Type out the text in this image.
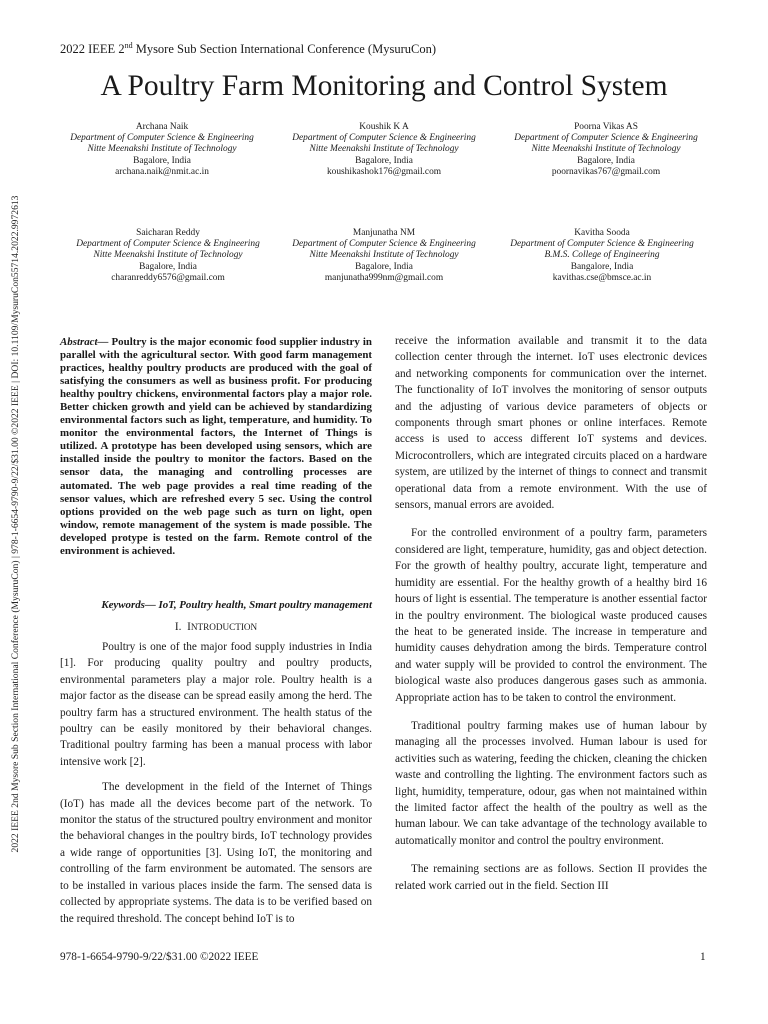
2022 IEEE 2nd Mysore Sub Section International Conference (MysuruCon)
A Poultry Farm Monitoring and Control System
Archana Naik
Department of Computer Science & Engineering
Nitte Meenakshi Institute of Technology
Bagalore, India
archana.naik@nmit.ac.in
Koushik K A
Department of Computer Science & Engineering
Nitte Meenakshi Institute of Technology
Bagalore, India
koushikashok176@gmail.com
Poorna Vikas AS
Department of Computer Science & Engineering
Nitte Meenakshi Institute of Technology
Bagalore, India
poornavikas767@gmail.com
Saicharan Reddy
Department of Computer Science & Engineering
Nitte Meenakshi Institute of Technology
Bagalore, India
charanreddy6576@gmail.com
Manjunatha NM
Department of Computer Science & Engineering
Nitte Meenakshi Institute of Technology
Bagalore, India
manjunatha999nm@gmail.com
Kavitha Sooda
Department of Computer Science & Engineering
B.M.S. College of Engineering
Bangalore, India
kavithas.cse@bmsce.ac.in
2022 IEEE 2nd Mysore Sub Section International Conference (MysuruCon) | 978-1-6654-9790-9/22/$31.00 ©2022 IEEE | DOI: 10.1109/MysuruCon55714.2022.9972613	Abstract— Poultry is the major economic food supplier industry in parallel with the agricultural sector. With good farm management practices, healthy poultry products are produced with the goal of satisfying the consumers as well as business profit. For producing healthy poultry chickens, environmental factors play a major role. Better chicken growth and yield can be achieved by standardizing environmental factors such as light, temperature, and humidity. To monitor the environmental factors, the Internet of Things is utilized. A prototype has been developed using sensors, which are installed inside the poultry to monitor the factors. Based on the sensor data, the managing and controlling processes are automated. The web page provides a real time reading of the sensor values, which are refreshed every 5 sec. Using the control options provided on the web page such as turn on light, open window, remote management of the system is made possible. The developed protype is tested on the farm. Remote control of the environment is achieved.

Keywords— IoT, Poultry health, Smart poultry management
I. INTRODUCTION

Poultry is one of the major food supply industries in India [1]. For producing quality poultry and poultry products, environmental parameters play a major role. Poultry health is a major factor as the disease can be spread easily among the herd. The poultry farm has a structured environment. The health status of the poultry can be easily monitored by their behavioral changes. Traditional poultry farming has been a manual process with labor intensive work [2].

The development in the field of the Internet of Things (IoT) has made all the devices become part of the network. To monitor the status of the structured poultry environment and monitor the behavioral changes in the poultry birds, IoT technology provides a wide range of opportunities [3]. Using IoT, the monitoring and controlling of the farm environment be automated. The sensors are to be installed in various places inside the farm. The sensed data is collected by appropriate systems. The data is to be verified based on the required threshold. The concept behind IoT is to

receive the information available and transmit it to the data collection center through the internet. IoT uses electronic devices and networking components for communication over the internet. The functionality of IoT involves the monitoring of sensor outputs and the adjusting of various device parameters of objects or components through smart phones or online interfaces. Remote access is used to access different IoT systems and devices. Microcontrollers, which are integrated circuits placed on a hardware system, are utilized by the internet of things to connect and transmit operational data from a remote environment. With the use of sensors, manual errors are avoided.

For the controlled environment of a poultry farm, parameters considered are light, temperature, humidity, gas and object detection. For the growth of healthy poultry, accurate light, temperature and humidity are essential. For the healthy growth of a healthy bird 16 hours of light is essential. The temperature is another essential factor in the poultry environment. The biological waste produced causes the heat to be generated inside. The increase in temperature and humidity causes dehydration among the birds. Temperature control and water supply will be provided to control the environment. The biological waste also produces dangerous gases such as ammonia. Appropriate action has to be taken to control the environment.

Traditional poultry farming makes use of human labour by managing all the processes involved. Human labour is used for activities such as watering, feeding the chicken, cleaning the chicken waste and controlling the lighting. The environment factors such as light, humidity, temperature, odour, gas when not maintained within the limited factor affect the health of the poultry as well as the human labour. We can take advantage of the technology available to automatically monitor and control the poultry environment.

The remaining sections are as follows. Section II provides the related work carried out in the field. Section III

978-1-6654-9790-9/22/$31.00 ©2022 IEEE	1
